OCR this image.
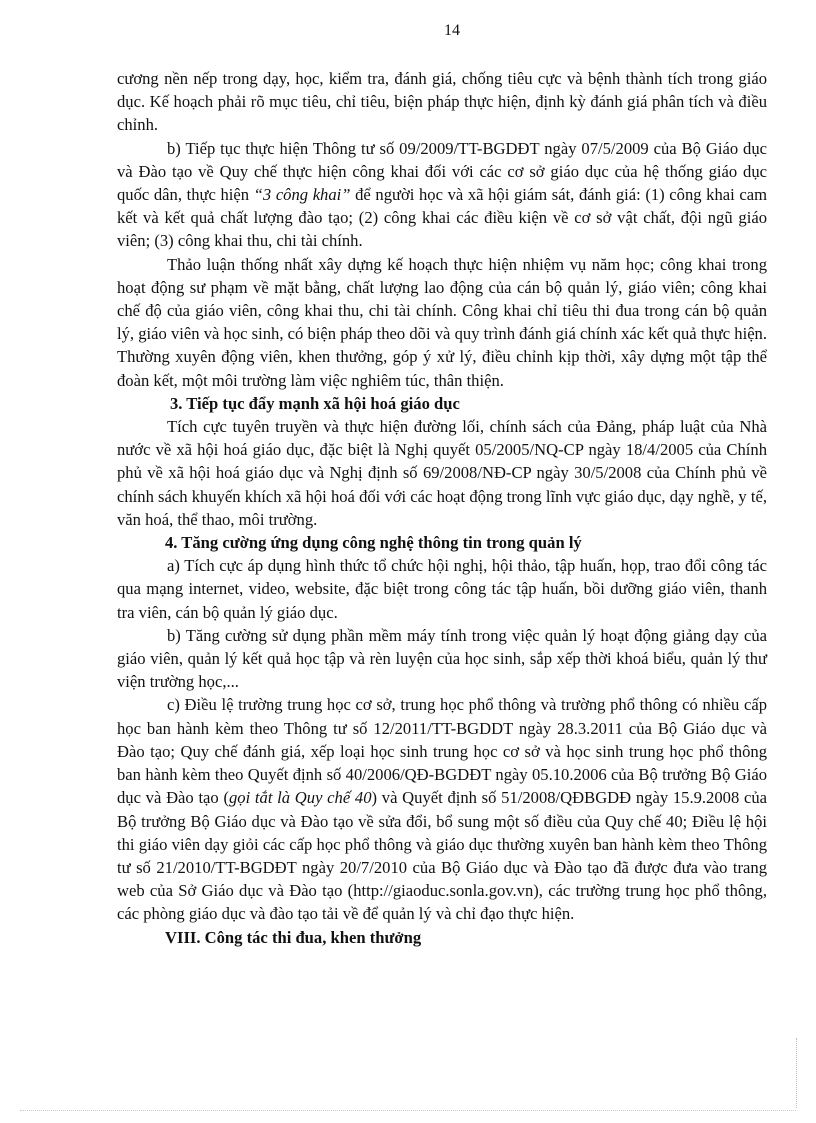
14

cương nền nếp trong dạy, học, kiểm tra, đánh giá, chống tiêu cực và bệnh thành tích trong giáo dục. Kế hoạch phải rõ mục tiêu, chỉ tiêu, biện pháp thực hiện, định kỳ đánh giá phân tích và điều chỉnh.

b) Tiếp tục thực hiện Thông tư số 09/2009/TT-BGDĐT ngày 07/5/2009 của Bộ Giáo dục và Đào tạo về Quy chế thực hiện công khai đối với các cơ sở giáo dục của hệ thống giáo dục quốc dân, thực hiện “3 công khai” để người học và xã hội giám sát, đánh giá: (1) công khai cam kết và kết quả chất lượng đào tạo; (2) công khai các điều kiện về cơ sở vật chất, đội ngũ giáo viên; (3) công khai thu, chi tài chính.

Thảo luận thống nhất xây dựng kế hoạch thực hiện nhiệm vụ năm học; công khai trong hoạt động sư phạm về mặt bằng, chất lượng lao động của cán bộ quản lý, giáo viên; công khai chế độ của giáo viên, công khai thu, chi tài chính. Công khai chỉ tiêu thi đua trong cán bộ quản lý, giáo viên và học sinh, có biện pháp theo dõi và quy trình đánh giá chính xác kết quả thực hiện. Thường xuyên động viên, khen thưởng, góp ý xử lý, điều chỉnh kịp thời, xây dựng một tập thể đoàn kết, một môi trường làm việc nghiêm túc, thân thiện.

3. Tiếp tục đẩy mạnh xã hội hoá giáo dục

Tích cực tuyên truyền và thực hiện đường lối, chính sách của Đảng, pháp luật của Nhà nước về xã hội hoá giáo dục, đặc biệt là Nghị quyết 05/2005/NQ-CP ngày 18/4/2005 của Chính phủ về xã hội hoá giáo dục và Nghị định số 69/2008/NĐ-CP ngày 30/5/2008 của Chính phủ về chính sách khuyến khích xã hội hoá đối với các hoạt động trong lĩnh vực giáo dục, dạy nghề, y tế, văn hoá, thể thao, môi trường.

4. Tăng cường ứng dụng công nghệ thông tin trong quản lý

a) Tích cực áp dụng hình thức tổ chức hội nghị, hội thảo, tập huấn, họp, trao đổi công tác qua mạng internet, video, website, đặc biệt trong công tác tập huấn, bồi dưỡng giáo viên, thanh tra viên, cán bộ quản lý giáo dục.

b) Tăng cường sử dụng phần mềm máy tính trong việc quản lý hoạt động giảng dạy của giáo viên, quản lý kết quả học tập và rèn luyện của học sinh, sắp xếp thời khoá biểu, quản lý thư viện trường học,...

c) Điều lệ trường trung học cơ sở, trung học phổ thông và trường phổ thông có nhiều cấp học ban hành kèm theo Thông tư số 12/2011/TT-BGDDT ngày 28.3.2011 của Bộ Giáo dục và Đào tạo; Quy chế đánh giá, xếp loại học sinh trung học cơ sở và học sinh trung học phổ thông ban hành kèm theo Quyết định số 40/2006/QĐ-BGDĐT ngày 05.10.2006 của Bộ trưởng Bộ Giáo dục và Đào tạo (gọi tắt là Quy chế 40) và Quyết định số 51/2008/QĐBGDĐ ngày 15.9.2008 của Bộ trưởng Bộ Giáo dục và Đào tạo về sửa đổi, bổ sung một số điều của Quy chế 40; Điều lệ hội thi giáo viên dạy giỏi các cấp học phổ thông và giáo dục thường xuyên ban hành kèm theo Thông tư số 21/2010/TT-BGDĐT ngày 20/7/2010 của Bộ Giáo dục và Đào tạo đã được đưa vào trang web của Sở Giáo dục và Đào tạo (http://giaoduc.sonla.gov.vn), các trường trung học phổ thông, các phòng giáo dục và đào tạo tải về để quản lý và chỉ đạo thực hiện.

VIII. Công tác thi đua, khen thưởng
